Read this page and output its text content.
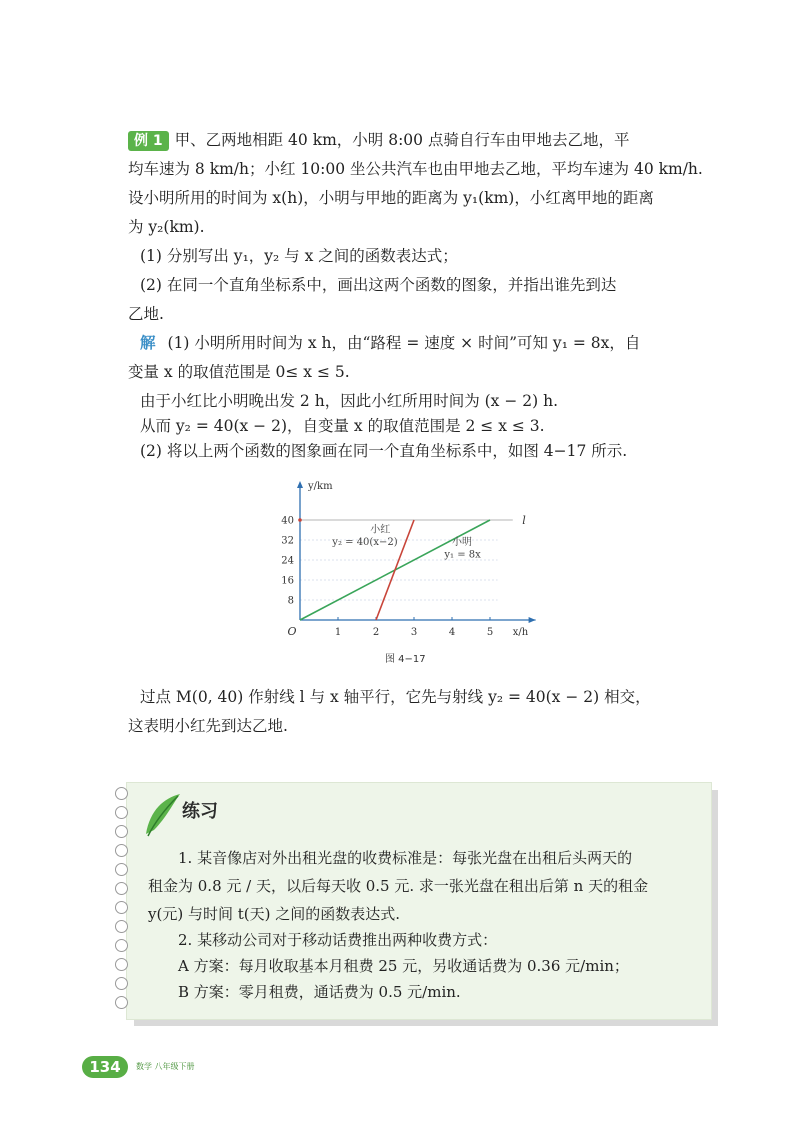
例 1 甲、乙两地相距 40 km，小明 8:00 点骑自行车由甲地去乙地，平
均车速为 8 km/h；小红 10:00 坐公共汽车也由甲地去乙地，平均车速为 40 km/h.
设小明所用的时间为 x(h)，小明与甲地的距离为 y₁(km)，小红离甲地的距离
为 y₂(km).
(1) 分别写出 y₁，y₂ 与 x 之间的函数表达式；
(2) 在同一个直角坐标系中，画出这两个函数的图象，并指出谁先到达
乙地.
解 (1) 小明所用时间为 x h，由“路程 = 速度 × 时间”可知 y₁ = 8x，自
变量 x 的取值范围是 0≤ x ≤ 5.
由于小红比小明晚出发 2 h，因此小红所用时间为 (x − 2) h.
从而 y₂ = 40(x − 2)，自变量 x 的取值范围是 2 ≤ x ≤ 3.
(2) 将以上两个函数的图象画在同一个直角坐标系中，如图 4−17 所示.
1	2	3	4	5
8
16
24
32
40
O
y/km
x/h
l
小明
y₁ = 8x
小红
y₂ = 40(x−2)
图 4−17
过点 M(0, 40) 作射线 l 与 x 轴平行，它先与射线 y₂ = 40(x − 2) 相交，
这表明小红先到达乙地.
练习
1. 某音像店对外出租光盘的收费标准是：每张光盘在出租后头两天的
租金为 0.8 元 / 天，以后每天收 0.5 元. 求一张光盘在租出后第 n 天的租金
y(元) 与时间 t(天) 之间的函数表达式.
2. 某移动公司对于移动话费推出两种收费方式：
A 方案：每月收取基本月租费 25 元，另收通话费为 0.36 元/min；
B 方案：零月租费，通话费为 0.5 元/min.
134	数学 八年级下册
